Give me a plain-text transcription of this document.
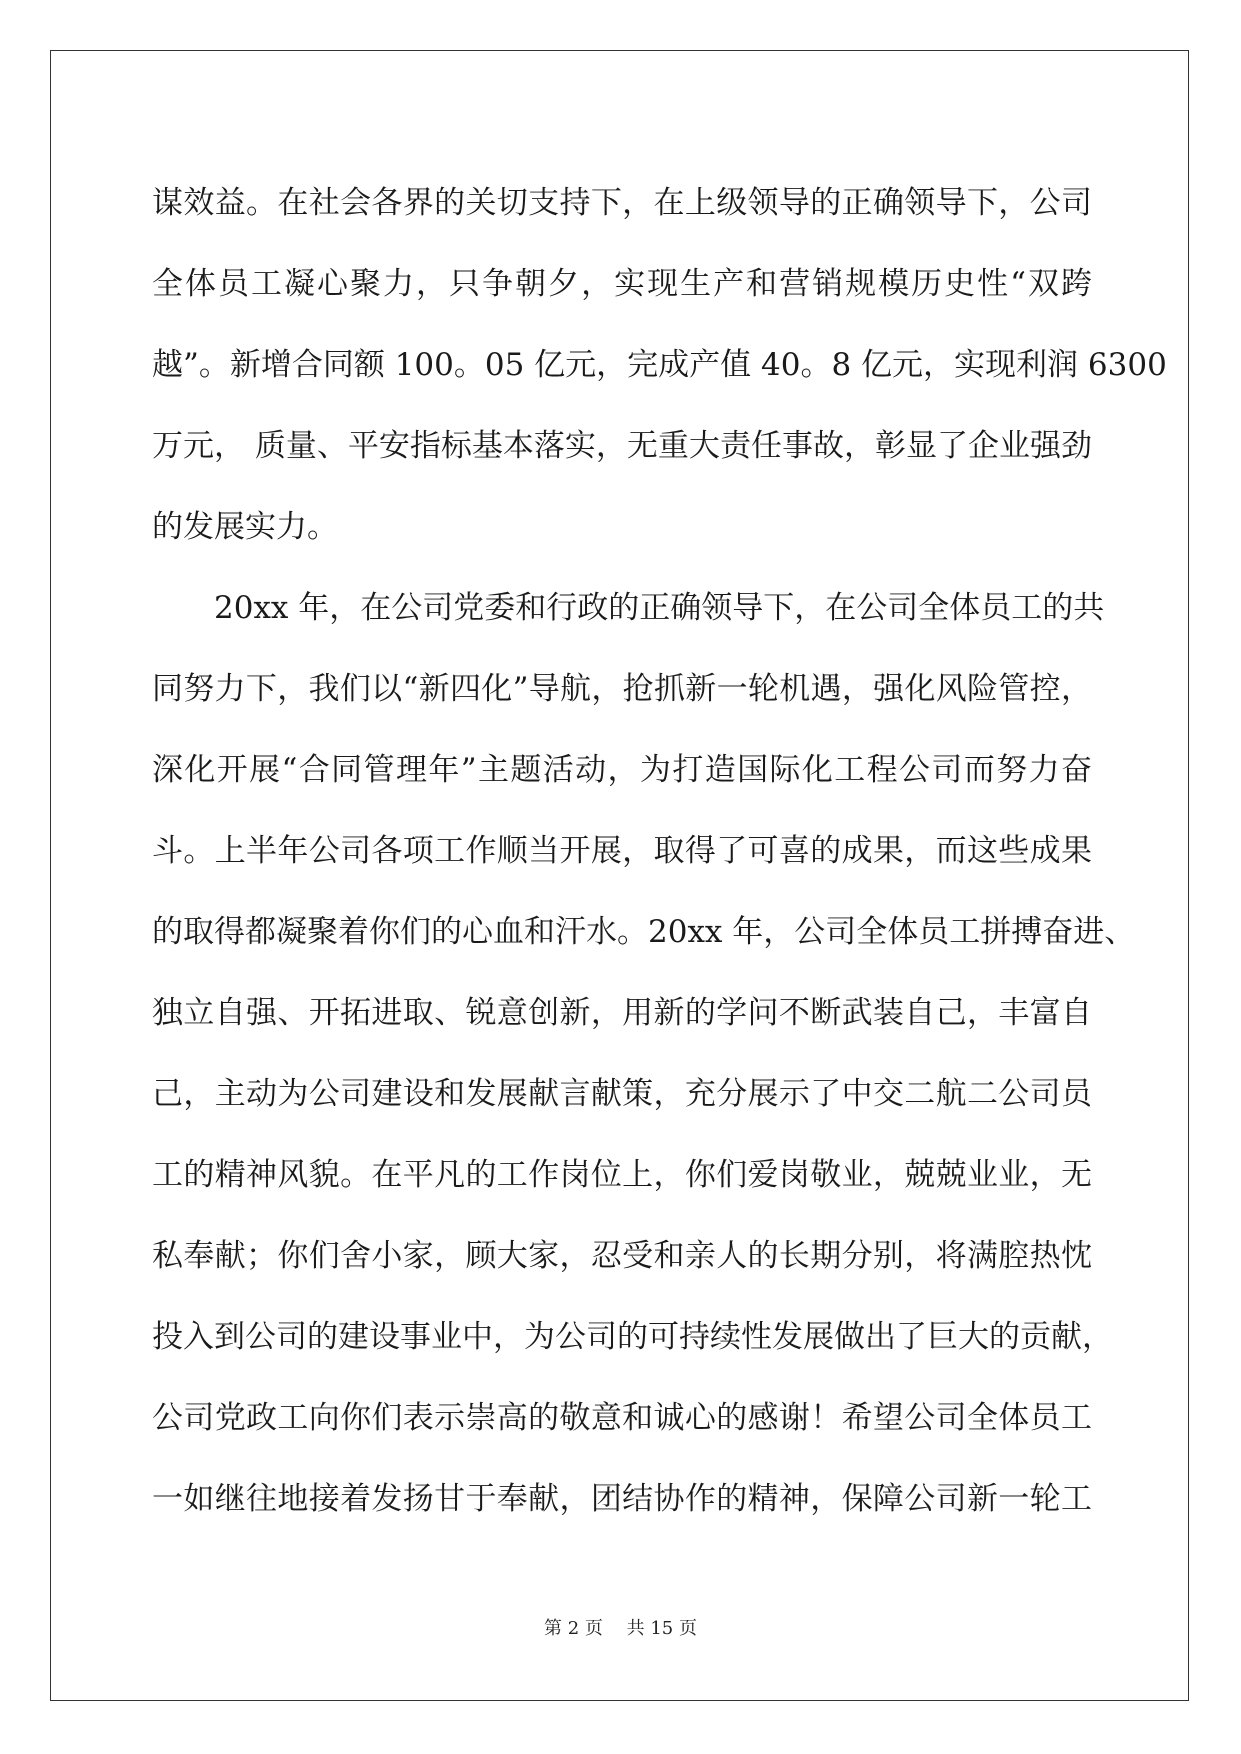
谋效益。在社会各界的关切支持下，在上级领导的正确领导下，公司
全体员工凝心聚力，只争朝夕，实现生产和营销规模历史性“双跨
越”。新增合同额 100。05 亿元，完成产值 40。8 亿元，实现利润 6300
万元， 质量、平安指标基本落实，无重大责任事故，彰显了企业强劲
的发展实力。
　　20xx 年，在公司党委和行政的正确领导下，在公司全体员工的共
同努力下，我们以“新四化”导航，抢抓新一轮机遇，强化风险管控，
深化开展“合同管理年”主题活动，为打造国际化工程公司而努力奋
斗。上半年公司各项工作顺当开展，取得了可喜的成果，而这些成果
的取得都凝聚着你们的心血和汗水。20xx 年，公司全体员工拼搏奋进、
独立自强、开拓进取、锐意创新，用新的学问不断武装自己，丰富自
己，主动为公司建设和发展献言献策，充分展示了中交二航二公司员
工的精神风貌。在平凡的工作岗位上，你们爱岗敬业，兢兢业业，无
私奉献；你们舍小家，顾大家，忍受和亲人的长期分别，将满腔热忱
投入到公司的建设事业中，为公司的可持续性发展做出了巨大的贡献，
公司党政工向你们表示崇高的敬意和诚心的感谢！希望公司全体员工
一如继往地接着发扬甘于奉献，团结协作的精神，保障公司新一轮工
第 2 页　 共 15 页
